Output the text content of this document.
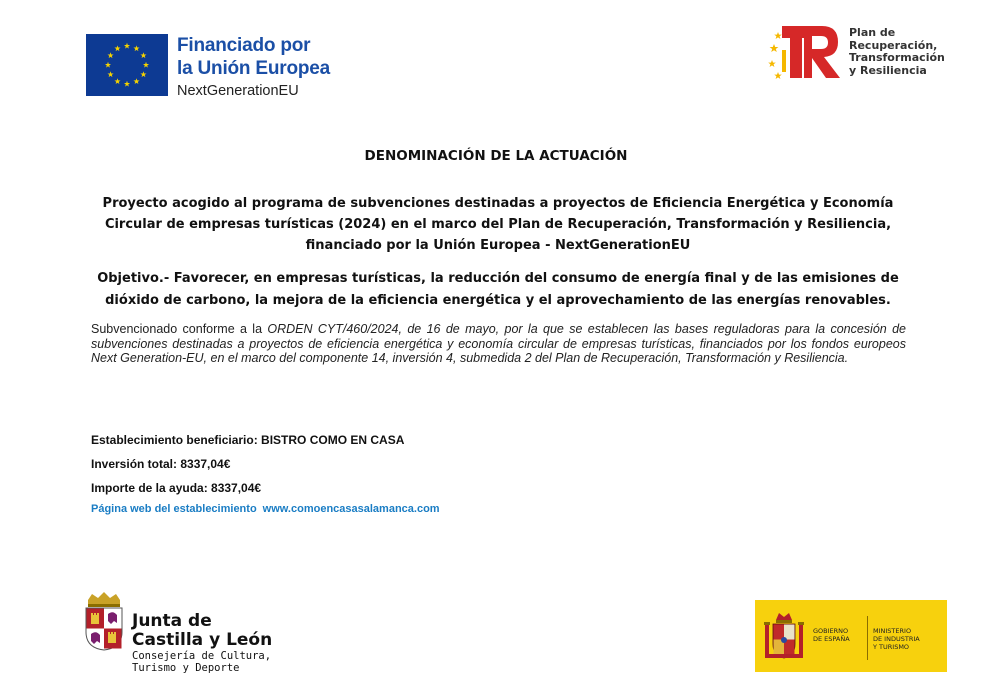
Financiado por
la Unión Europea
NextGenerationEU
Plan de
Recuperación,
Transformación
y Resiliencia
DENOMINACIÓN DE LA ACTUACIÓN
Proyecto acogido al programa de subvenciones destinadas a proyectos de Eficiencia Energética y Economía Circular de empresas turísticas (2024) en el marco del Plan de Recuperación, Transformación y Resiliencia, financiado por la Unión Europea - NextGenerationEU
Objetivo.- Favorecer, en empresas turísticas, la reducción del consumo de energía final y de las emisiones de dióxido de carbono, la mejora de la eficiencia energética y el aprovechamiento de las energías renovables.
Subvencionado conforme a la ORDEN CYT/460/2024, de 16 de mayo, por la que se establecen las bases reguladoras para la concesión de subvenciones destinadas a proyectos de eficiencia energética y economía circular de empresas turísticas, financiados por los fondos europeos Next Generation-EU, en el marco del componente 14, inversión 4, submedida 2 del Plan de Recuperación, Transformación y Resiliencia.
Establecimiento beneficiario: BISTRO COMO EN CASA
Inversión total: 8337,04€
Importe de la ayuda: 8337,04€
Página web del establecimiento www.comoencasasalamanca.com
Junta de
Castilla y León
Consejería de Cultura,
Turismo y Deporte
GOBIERNO
DE ESPAÑA
MINISTERIO
DE INDUSTRIA
Y TURISMO
